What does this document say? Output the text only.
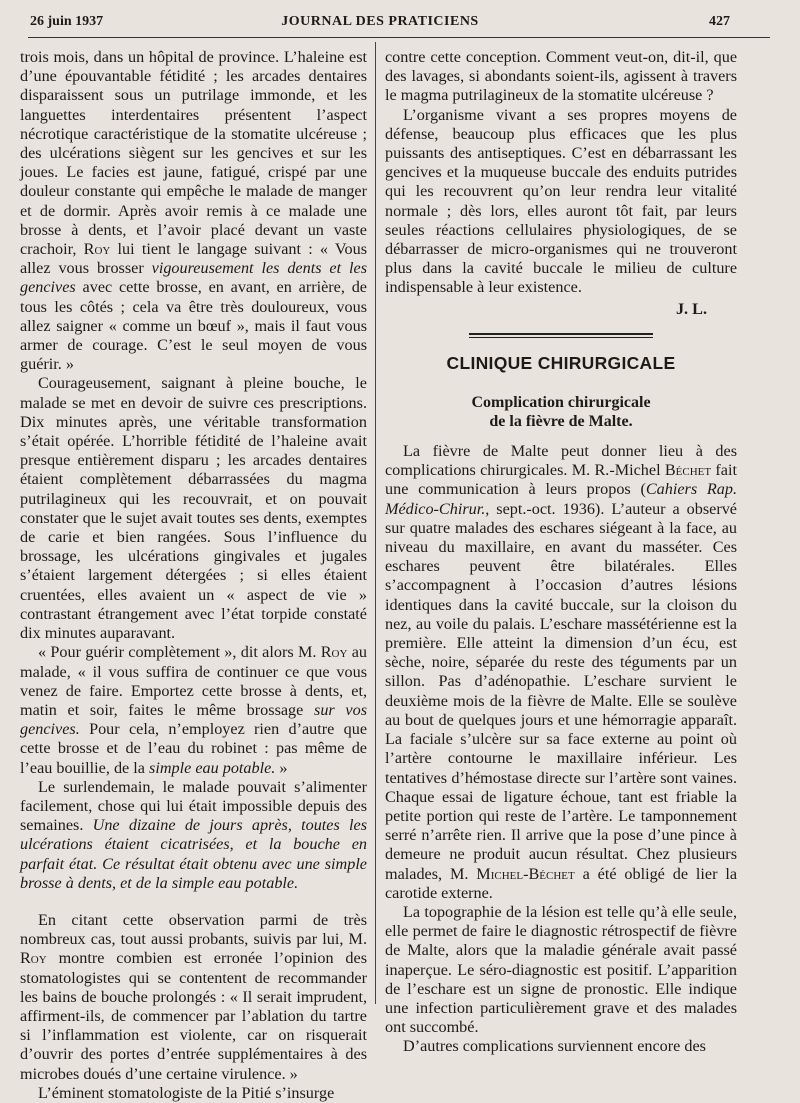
26 juin 1937	JOURNAL DES PRATICIENS	427

trois mois, dans un hôpital de province. L’haleine est d’une épouvantable fétidité ; les arcades dentaires disparaissent sous un putrilage immonde, et les languettes interdentaires présentent l’aspect nécrotique caractéristique de la stomatite ulcéreuse ; des ulcérations siègent sur les gencives et sur les joues. Le facies est jaune, fatigué, crispé par une douleur constante qui empêche le malade de manger et de dormir. Après avoir remis à ce malade une brosse à dents, et l’avoir placé devant un vaste crachoir, Roy lui tient le langage suivant : « Vous allez vous brosser vigoureusement les dents et les gencives avec cette brosse, en avant, en arrière, de tous les côtés ; cela va être très douloureux, vous allez saigner « comme un bœuf », mais il faut vous armer de courage. C’est le seul moyen de vous guérir. »

Courageusement, saignant à pleine bouche, le malade se met en devoir de suivre ces prescriptions. Dix minutes après, une véritable transformation s’était opérée. L’horrible fétidité de l’haleine avait presque entièrement disparu ; les arcades dentaires étaient complètement débarrassées du magma putrilagineux qui les recouvrait, et on pouvait constater que le sujet avait toutes ses dents, exemptes de carie et bien rangées. Sous l’influence du brossage, les ulcérations gingivales et jugales s’étaient largement détergées ; si elles étaient cruentées, elles avaient un « aspect de vie » contrastant étrangement avec l’état torpide constaté dix minutes auparavant.

« Pour guérir complètement », dit alors M. Roy au malade, « il vous suffira de continuer ce que vous venez de faire. Emportez cette brosse à dents, et, matin et soir, faites le même brossage sur vos gencives. Pour cela, n’employez rien d’autre que cette brosse et de l’eau du robinet : pas même de l’eau bouillie, de la simple eau potable. »

Le surlendemain, le malade pouvait s’alimenter facilement, chose qui lui était impossible depuis des semaines. Une dizaine de jours après, toutes les ulcérations étaient cicatrisées, et la bouche en parfait état. Ce résultat était obtenu avec une simple brosse à dents, et de la simple eau potable.

En citant cette observation parmi de très nombreux cas, tout aussi probants, suivis par lui, M. Roy montre combien est erronée l’opinion des stomatologistes qui se contentent de recommander les bains de bouche prolongés : « Il serait imprudent, affirment-ils, de commencer par l’ablation du tartre si l’inflammation est violente, car on risquerait d’ouvrir des portes d’entrée supplémentaires à des microbes doués d’une certaine virulence. »

L’éminent stomatologiste de la Pitié s’insurge

contre cette conception. Comment veut-on, dit-il, que des lavages, si abondants soient-ils, agissent à travers le magma putrilagineux de la stomatite ulcéreuse ?

L’organisme vivant a ses propres moyens de défense, beaucoup plus efficaces que les plus puissants des antiseptiques. C’est en débarrassant les gencives et la muqueuse buccale des enduits putrides qui les recouvrent qu’on leur rendra leur vitalité normale ; dès lors, elles auront tôt fait, par leurs seules réactions cellulaires physiologiques, de se débarrasser de micro-organismes qui ne trouveront plus dans la cavité buccale le milieu de culture indispensable à leur existence.

J. L.
CLINIQUE CHIRURGICALE
Complication chirurgicale
de la fièvre de Malte.

La fièvre de Malte peut donner lieu à des complications chirurgicales. M. R.-Michel Béchet fait une communication à leurs propos (Cahiers Rap. Médico-Chirur., sept.-oct. 1936). L’auteur a observé sur quatre malades des eschares siégeant à la face, au niveau du maxillaire, en avant du masséter. Ces eschares peuvent être bilatérales. Elles s’accompagnent à l’occasion d’autres lésions identiques dans la cavité buccale, sur la cloison du nez, au voile du palais. L’eschare massétérienne est la première. Elle atteint la dimension d’un écu, est sèche, noire, séparée du reste des téguments par un sillon. Pas d’adénopathie. L’eschare survient le deuxième mois de la fièvre de Malte. Elle se soulève au bout de quelques jours et une hémorragie apparaît. La faciale s’ulcère sur sa face externe au point où l’artère contourne le maxillaire inférieur. Les tentatives d’hémostase directe sur l’artère sont vaines. Chaque essai de ligature échoue, tant est friable la petite portion qui reste de l’artère. Le tamponnement serré n’arrête rien. Il arrive que la pose d’une pince à demeure ne produit aucun résultat. Chez plusieurs malades, M. Michel-Béchet a été obligé de lier la carotide externe.

La topographie de la lésion est telle qu’à elle seule, elle permet de faire le diagnostic rétrospectif de fièvre de Malte, alors que la maladie générale avait passé inaperçue. Le séro-diagnostic est positif. L’apparition de l’eschare est un signe de pronostic. Elle indique une infection particulièrement grave et des malades ont succombé.

D’autres complications surviennent encore des
